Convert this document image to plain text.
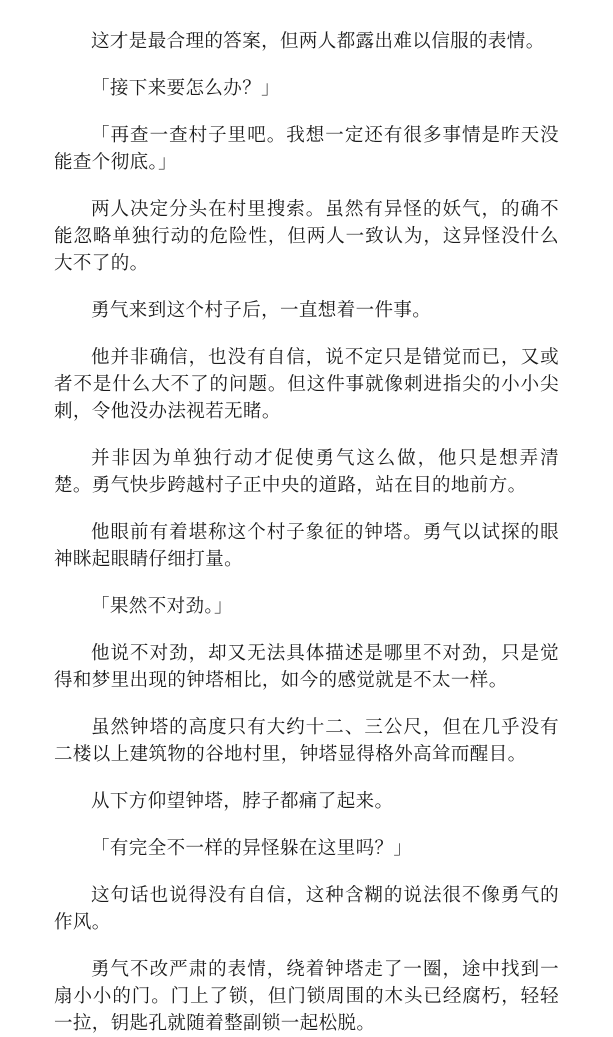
这才是最合理的答案，但两人都露出难以信服的表情。

「接下来要怎么办？」

「再查一查村子里吧。我想一定还有很多事情是昨天没能查个彻底。」

两人决定分头在村里搜索。虽然有异怪的妖气，的确不能忽略单独行动的危险性，但两人一致认为，这异怪没什么大不了的。

勇气来到这个村子后，一直想着一件事。

他并非确信，也没有自信，说不定只是错觉而已，又或者不是什么大不了的问题。但这件事就像刺进指尖的小小尖刺，令他没办法视若无睹。

并非因为单独行动才促使勇气这么做，他只是想弄清楚。勇气快步跨越村子正中央的道路，站在目的地前方。

他眼前有着堪称这个村子象征的钟塔。勇气以试探的眼神眯起眼睛仔细打量。

「果然不对劲。」

他说不对劲，却又无法具体描述是哪里不对劲，只是觉得和梦里出现的钟塔相比，如今的感觉就是不太一样。

虽然钟塔的高度只有大约十二、三公尺，但在几乎没有二楼以上建筑物的谷地村里，钟塔显得格外高耸而醒目。

从下方仰望钟塔，脖子都痛了起来。

「有完全不一样的异怪躲在这里吗？」

这句话也说得没有自信，这种含糊的说法很不像勇气的作风。

勇气不改严肃的表情，绕着钟塔走了一圈，途中找到一扇小小的门。门上了锁，但门锁周围的木头已经腐朽，轻轻一拉，钥匙孔就随着整副锁一起松脱。
